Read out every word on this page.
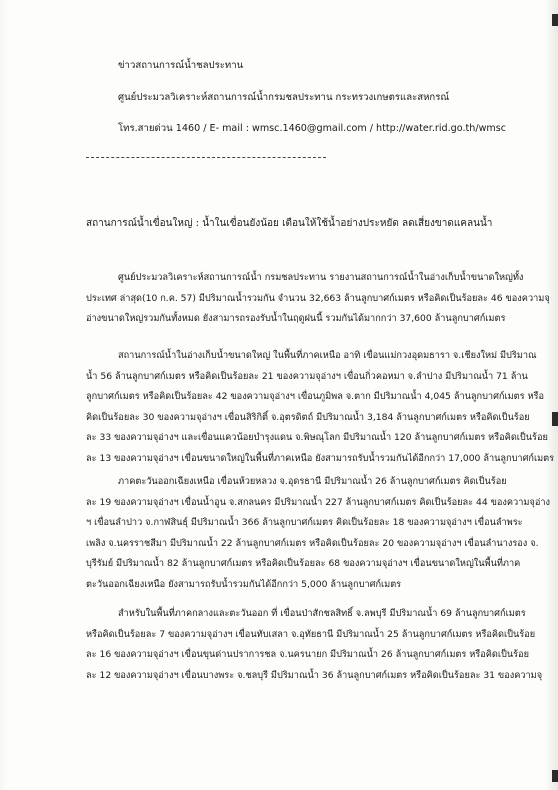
ข่าวสถานการณ์น้ำชลประทาน
ศูนย์ประมวลวิเคราะห์สถานการณ์น้ำกรมชลประทาน กระทรวงเกษตรและสหกรณ์
โทร.สายด่วน 1460 / E- mail : wmsc.1460@gmail.com / http://water.rid.go.th/wmsc
สถานการณ์น้ำเขื่อนใหญ่ : น้ำในเขื่อนยังน้อย เตือนให้ใช้น้ำอย่างประหยัด ลดเสี่ยงขาดแคลนน้ำ
ศูนย์ประมวลวิเคราะห์สถานการณ์น้ำ กรมชลประทาน รายงานสถานการณ์น้ำในอ่างเก็บน้ำขนาดใหญ่ทั้ง
ประเทศ ล่าสุด(10 ก.ค. 57) มีปริมาณน้ำรวมกัน จำนวน 32,663 ล้านลูกบาศก์เมตร หรือคิดเป็นร้อยละ 46 ของความจุ
อ่างขนาดใหญ่รวมกันทั้งหมด ยังสามารถรองรับน้ำในฤดูฝนนี้ รวมกันได้มากกว่า 37,600 ล้านลูกบาศก์เมตร
สถานการณ์น้ำในอ่างเก็บน้ำขนาดใหญ่ ในพื้นที่ภาคเหนือ อาทิ เขื่อนแม่กวงอุดมธารา จ.เชียงใหม่ มีปริมาณ
น้ำ 56 ล้านลูกบาศก์เมตร หรือคิดเป็นร้อยละ 21 ของความจุอ่างฯ เขื่อนกิ่วคอหมา จ.ลำปาง มีปริมาณน้ำ 71 ล้าน
ลูกบาศก์เมตร หรือคิดเป็นร้อยละ 42 ของความจุอ่างฯ เขื่อนภูมิพล จ.ตาก มีปริมาณน้ำ 4,045 ล้านลูกบาศก์เมตร หรือ
คิดเป็นร้อยละ 30 ของความจุอ่างฯ เขื่อนสิริกิติ์ จ.อุตรดิตถ์ มีปริมาณน้ำ 3,184 ล้านลูกบาศก์เมตร หรือคิดเป็นร้อย
ละ 33 ของความจุอ่างฯ และเขื่อนแควน้อยบำรุงแดน จ.พิษณุโลก มีปริมาณน้ำ 120 ล้านลูกบาศก์เมตร หรือคิดเป็นร้อย
ละ 13 ของความจุอ่างฯ เขื่อนขนาดใหญ่ในพื้นที่ภาคเหนือ ยังสามารถรับน้ำรวมกันได้อีกกว่า 17,000 ล้านลูกบาศก์เมตร
ภาคตะวันออกเฉียงเหนือ เขื่อนห้วยหลวง จ.อุดรธานี มีปริมาณน้ำ 26 ล้านลูกบาศก์เมตร คิดเป็นร้อย
ละ 19 ของความจุอ่างฯ เขื่อนน้ำอูน จ.สกลนคร มีปริมาณน้ำ 227 ล้านลูกบาศก์เมตร คิดเป็นร้อยละ 44 ของความจุอ่าง
ฯ เขื่อนลำปาว จ.กาฬสินธุ์ มีปริมาณน้ำ 366 ล้านลูกบาศก์เมตร คิดเป็นร้อยละ 18 ของความจุอ่างฯ เขื่อนลำพระ
เพลิง จ.นครราชสีมา มีปริมาณน้ำ 22 ล้านลูกบาศก์เมตร หรือคิดเป็นร้อยละ 20 ของความจุอ่างฯ เขื่อนลำนางรอง จ.
บุรีรัมย์ มีปริมาณน้ำ 82 ล้านลูกบาศก์เมตร หรือคิดเป็นร้อยละ 68 ของความจุอ่างฯ เขื่อนขนาดใหญ่ในพื้นที่ภาค
ตะวันออกเฉียงเหนือ ยังสามารถรับน้ำรวมกันได้อีกกว่า 5,000 ล้านลูกบาศก์เมตร
สำหรับในพื้นที่ภาคกลางและตะวันออก ที่ เขื่อนป่าสักชลสิทธิ์ จ.ลพบุรี มีปริมาณน้ำ 69 ล้านลูกบาศก์เมตร
หรือคิดเป็นร้อยละ 7 ของความจุอ่างฯ เขื่อนทับเสลา จ.อุทัยธานี มีปริมาณน้ำ 25 ล้านลูกบาศก์เมตร หรือคิดเป็นร้อย
ละ 16 ของความจุอ่างฯ เขื่อนขุนด่านปราการชล จ.นครนายก มีปริมาณน้ำ 26 ล้านลูกบาศก์เมตร หรือคิดเป็นร้อย
ละ 12 ของความจุอ่างฯ เขื่อนบางพระ จ.ชลบุรี มีปริมาณน้ำ 36 ล้านลูกบาศก์เมตร หรือคิดเป็นร้อยละ 31 ของความจุ
